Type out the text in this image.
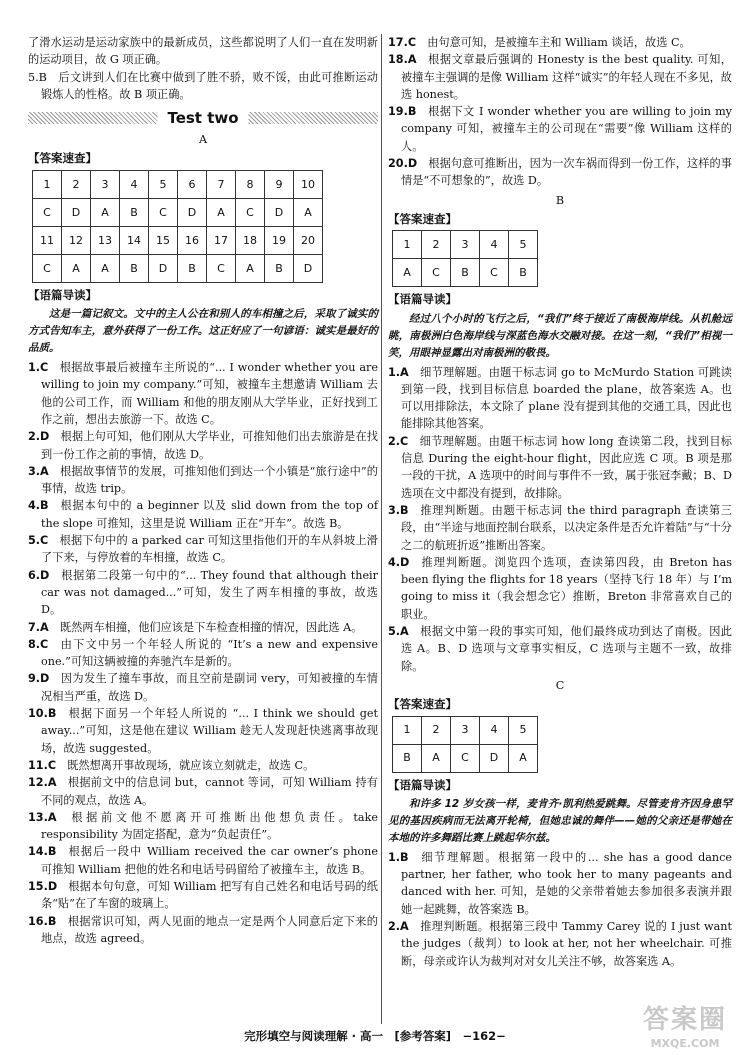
了滑水运动是运动家族中的最新成员，这些都说明了人们一直在发明新的运动项目，故 G 项正确。

5.B　后文讲到人们在比赛中做到了胜不骄，败不馁，由此可推断运动锻炼人的性格。故 B 项正确。

Test two
A
【答案速查】
1	2	3	4	5	6	7	8	9	10
C	D	A	B	C	D	A	C	D	A
11	12	13	14	15	16	17	18	19	20
C	A	A	B	D	B	C	A	B	D
【语篇导读】

这是一篇记叙文。文中的主人公在和别人的车相撞之后，采取了诚实的方式告知车主，意外获得了一份工作。这正好应了一句谚语：诚实是最好的品质。

1.C  根据故事最后被撞车主所说的“... I wonder whether you are willing to join my company.”可知，被撞车主想邀请 William 去他的公司工作，而 William 和他的朋友刚从大学毕业，正好找到工作之前，想出去旅游一下。故选 C。

2.D  根据上句可知，他们刚从大学毕业，可推知他们出去旅游是在找到一份工作之前的事情，故选 D。

3.A  根据故事情节的发展，可推知他们到达一个小镇是“旅行途中”的事情，故选 trip。

4.B  根据本句中的 a beginner 以及 slid down from the top of the slope 可推知，这里是说 William 正在“开车”。故选 B。

5.C  根据下句中的 a parked car 可知这里指他们开的车从斜坡上滑了下来，与停放着的车相撞，故选 C。

6.D  根据第二段第一句中的“... They found that although their car was not damaged...”可知，发生了两车相撞的事故，故选 D。

7.A  既然两车相撞，他们应该是下车检查相撞的情况，因此选 A。

8.C  由下文中另一个年轻人所说的 “It’s a new and expensive one.”可知这辆被撞的奔驰汽车是新的。

9.D  因为发生了撞车事故，而且空前是副词 very，可知被撞的车情况相当严重，故选 D。

10.B  根据下面另一个年轻人所说的 “... I think we should get away...”可知，这是他在建议 William 趁无人发现赶快逃离事故现场，故选 suggested。

11.C  既然想离开事故现场，就应该立刻就走，故选 C。

12.A  根据前文中的信息词 but，cannot 等词，可知 William 持有不同的观点，故选 A。

13.A  根据前文他不愿离开可推断出他想负责任。take responsibility 为固定搭配，意为“负起责任”。

14.B  根据后一段中 William received the car owner’s phone 可推知 William 把他的姓名和电话号码留给了被撞车主，故选 B。

15.D  根据本句句意，可知 William 把写有自己姓名和电话号码的纸条“贴”在了车窗的玻璃上。

16.B  根据常识可知，两人见面的地点一定是两个人同意后定下来的地点，故选 agreed。

17.C  由句意可知，是被撞车主和 William 谈话，故选 C。

18.A  根据文章最后强调的 Honesty is the best quality. 可知，被撞车主强调的是像 William 这样“诚实”的年轻人现在不多见，故选 honest。

19.B  根据下文 I wonder whether you are willing to join my company 可知，被撞车主的公司现在“需要”像 William 这样的人。

20.D  根据句意可推断出，因为一次车祸而得到一份工作，这样的事情是“不可想象的”，故选 D。

B
【答案速查】
1	2	3	4	5
A	C	B	C	B
【语篇导读】

经过八个小时的飞行之后，“我们”终于接近了南极海岸线。从机舱远眺，南极洲白色海岸线与深蓝色海水交融对接。在这一刻，“我们”相视一笑，用眼神显露出对南极洲的敬畏。

1.A  细节理解题。由题干标志词 go to McMurdo Station 可跳读到第一段，找到目标信息 boarded the plane，故答案选 A。也可以用排除法，本文除了 plane 没有提到其他的交通工具，因此也能排除其他答案。

2.C  细节理解题。由题干标志词 how long 查读第二段，找到目标信息 During the eight-hour flight，因此应选 C 项。B 项是那一段的干扰，A 选项中的时间与事件不一致，属于张冠李戴；B、D 选项在文中都没有提到，故排除。

3.B  推理判断题。由题干标志词 the third paragraph 查读第三段，由“半途与地面控制台联系，以决定条件是否允许着陆”与“十分之二的航班折返”推断出答案。

4.D  推理判断题。浏览四个选项，查读第四段，由 Breton has been flying the flights for 18 years（坚持飞行 18 年）与 I’m going to miss it（我会想念它）推断，Breton 非常喜欢自己的职业。

5.A  根据文中第一段的事实可知，他们最终成功到达了南极。因此选 A。B、D 选项与文章事实相反，C 选项与主题不一致，故排除。

C
【答案速查】
1	2	3	4	5
B	A	C	D	A
【语篇导读】

和许多 12 岁女孩一样，麦肯齐·凯利热爱跳舞。尽管麦肯齐因身患罕见的基因疾病而无法离开轮椅，但她忠诚的舞伴——她的父亲还是带她在本地的许多舞蹈比赛上跳起华尔兹。

1.B  细节理解题。根据第一段中的... she has a good dance partner, her father, who took her to many pageants and danced with her. 可知，是她的父亲带着她去参加很多表演并跟她一起跳舞，故答案选 B。

2.A  推理判断题。根据第三段中 Tammy Carey 说的 I just want the judges（裁判）to look at her, not her wheelchair. 可推断，母亲或许认为裁判对对女儿关注不够，故答案选 A。

完形填空与阅读理解 · 高一　[参考答案]　−162−
答案圈
MXQE.COM
